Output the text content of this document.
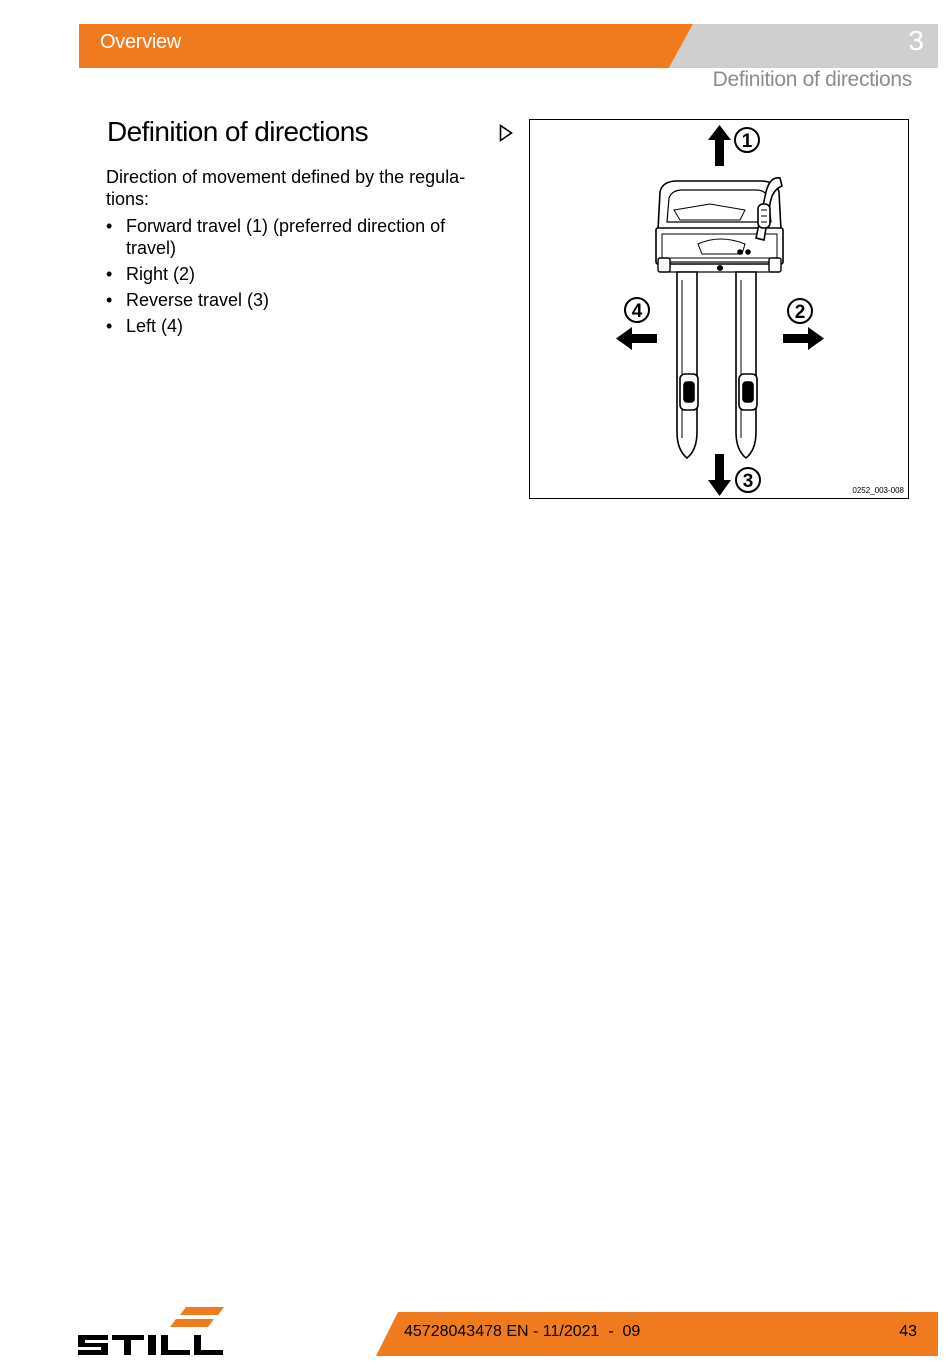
Overview	3
Definition of directions
Definition of directions

Direction of movement defined by the regula-tions:

• Forward travel (1) (preferred direction of travel)
• Right (2)
• Reverse travel (3)
• Left (4)
1
4	2
3	0252_003-008
45728043478 EN - 11/2021  -  09	43
